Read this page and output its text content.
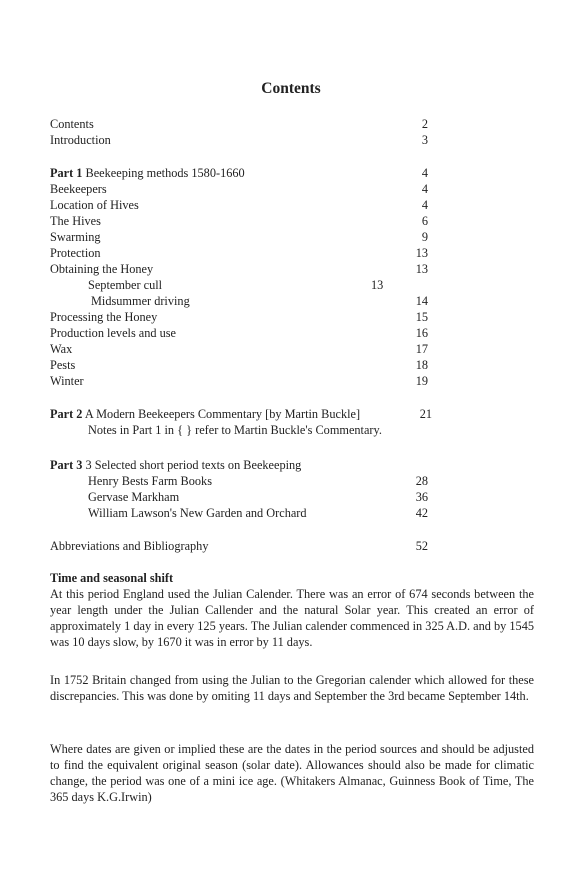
Contents
Contents	2
Introduction	3
Part 1 Beekeeping methods 1580-1660	4
Beekeepers	4
Location of Hives	4
The Hives	6
Swarming	9
Protection	13
Obtaining the Honey	13
September cull	13
Midsummer driving	14
Processing the Honey	15
Production levels and use	16
Wax	17
Pests	18
Winter	19
Part 2 A Modern Beekeepers Commentary [by Martin Buckle]	21
Notes in Part 1 in { } refer to Martin Buckle's Commentary.
Part 3 3 Selected short period texts on Beekeeping
Henry Bests Farm Books	28
Gervase Markham	36
William Lawson's New Garden and Orchard	42
Abbreviations and Bibliography	52
Time and seasonal shift

At this period England used the Julian Calender. There was an error of 674 seconds between the year length under the Julian Callender and the natural Solar year. This created an error of approximately 1 day in every 125 years. The Julian calender commenced in 325 A.D. and by 1545 was 10 days slow, by 1670 it was in error by 11 days.

In 1752 Britain changed from using the Julian to the Gregorian calender which allowed for these discrepancies. This was done by omiting 11 days and September the 3rd became September 14th.

Where dates are given or implied these are the dates in the period sources and should be adjusted to find the equivalent original season (solar date). Allowances should also be made for climatic change, the period was one of a mini ice age. (Whitakers Almanac, Guinness Book of Time, The 365 days K.G.Irwin)
